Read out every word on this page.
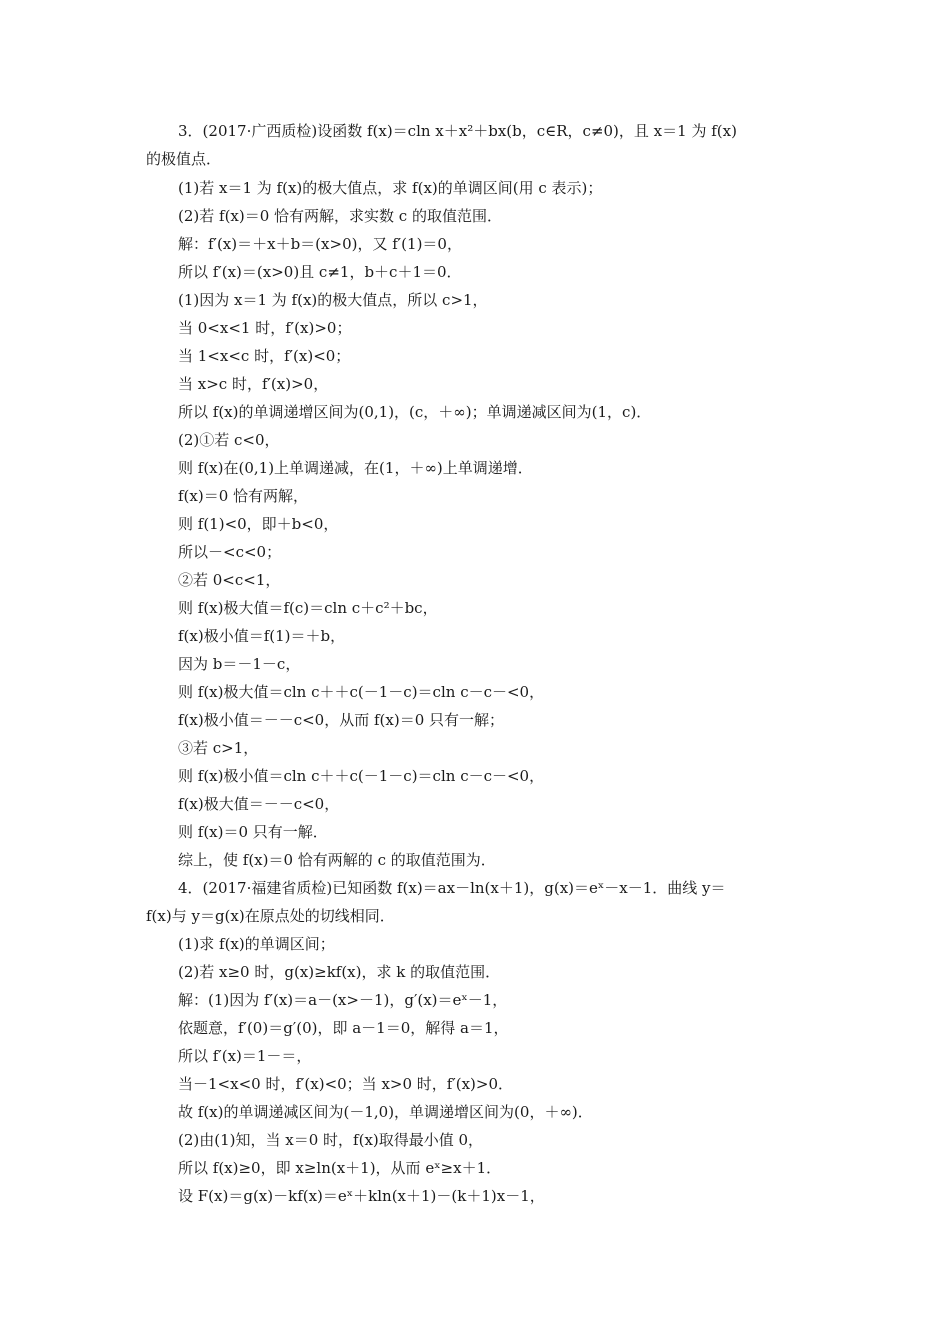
3．(2017·广西质检)设函数 f(x)＝cln x＋x²＋bx(b，c∈R，c≠0)，且 x＝1 为 f(x)
的极值点．
(1)若 x＝1 为 f(x)的极大值点，求 f(x)的单调区间(用 c 表示)；
(2)若 f(x)＝0 恰有两解，求实数 c 的取值范围．
解：f′(x)＝＋x＋b＝(x>0)，又 f′(1)＝0，
所以 f′(x)＝(x>0)且 c≠1，b＋c＋1＝0．
(1)因为 x＝1 为 f(x)的极大值点，所以 c>1，
当 0<x<1 时，f′(x)>0；
当 1<x<c 时，f′(x)<0；
当 x>c 时，f′(x)>0，
所以 f(x)的单调递增区间为(0,1)，(c，＋∞)；单调递减区间为(1，c)．
(2)①若 c<0，
则 f(x)在(0,1)上单调递减，在(1，＋∞)上单调递增．
f(x)＝0 恰有两解，
则 f(1)<0，即＋b<0，
所以－<c<0；
②若 0<c<1，
则 f(x)极大值＝f(c)＝cln c＋c²＋bc，
f(x)极小值＝f(1)＝＋b，
因为 b＝－1－c，
则 f(x)极大值＝cln c＋＋c(－1－c)＝cln c－c－<0，
f(x)极小值＝－－c<0，从而 f(x)＝0 只有一解；
③若 c>1，
则 f(x)极小值＝cln c＋＋c(－1－c)＝cln c－c－<0，
f(x)极大值＝－－c<0，
则 f(x)＝0 只有一解．
综上，使 f(x)＝0 恰有两解的 c 的取值范围为．
4．(2017·福建省质检)已知函数 f(x)＝ax－ln(x＋1)，g(x)＝eˣ－x－1．曲线 y＝
f(x)与 y＝g(x)在原点处的切线相同．
(1)求 f(x)的单调区间；
(2)若 x≥0 时，g(x)≥kf(x)，求 k 的取值范围．
解：(1)因为 f′(x)＝a－(x>－1)，g′(x)＝eˣ－1，
依题意，f′(0)＝g′(0)，即 a－1＝0，解得 a＝1，
所以 f′(x)＝1－＝，
当－1<x<0 时，f′(x)<0；当 x>0 时，f′(x)>0．
故 f(x)的单调递减区间为(－1,0)，单调递增区间为(0，＋∞)．
(2)由(1)知，当 x＝0 时，f(x)取得最小值 0，
所以 f(x)≥0，即 x≥ln(x＋1)，从而 eˣ≥x＋1．
设 F(x)＝g(x)－kf(x)＝eˣ＋kln(x＋1)－(k＋1)x－1，
